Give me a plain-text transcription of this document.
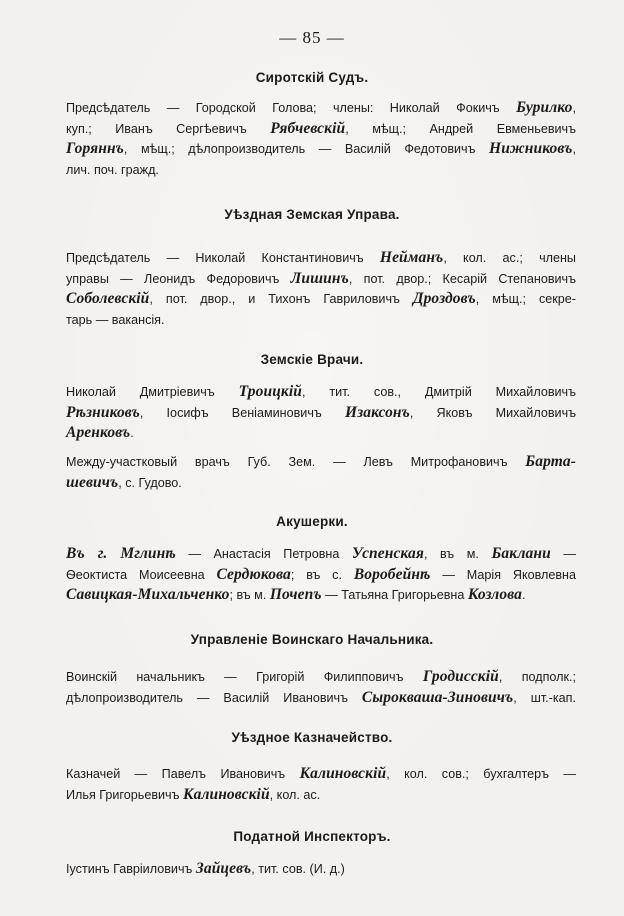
— 85 —
Сиротскій Судъ.
Предсѣдатель — Городской Голова; члены: Николай Фокичъ Бурилко,
куп.; Иванъ Сергѣевичъ Рябчевскій, мѣщ.; Андрей Евменьевичъ
Горяннъ, мѣщ.; дѣлопроизводитель — Василій Федотовичъ Нижниковъ,
лич. поч. гражд.
Уѣздная Земская Управа.
Предсѣдатель — Николай Константиновичъ Нейманъ, кол. ас.; члены
управы — Леонидъ Федоровичъ Лишинъ, пот. двор.; Кесарій Степановичъ
Соболевскій, пот. двор., и Тихонъ Гавриловичъ Дроздовъ, мѣщ.; секре-
тарь — вакансія.
Земскіе Врачи.
Николай Дмитріевичъ Троицкій, тит. сов., Дмитрій Михайловичъ
Рѣзниковъ, Іосифъ Веніаминовичъ Изаксонъ, Яковъ Михайловичъ
Аренковъ.
Между-участковый врачъ Губ. Зем. — Левъ Митрофановичъ Барта-
шевичъ, с. Гудово.
Акушерки.
Въ г. Мглинѣ — Анастасія Петровна Успенская, въ м. Баклани —
Ѳеоктиста Моисеевна Сердюкова; въ с. Воробейнѣ — Марія Яковлевна
Савицкая-Михальченко; въ м. Почепъ — Татьяна Григорьевна Козлова.
Управленіе Воинскаго Начальника.
Воинскій начальникъ — Григорій Филипповичъ Гродисскій, подполк.;
дѣлопроизводитель — Василій Ивановичъ Сырокваша-Зиновичъ, шт.-кап.
Уѣздное Казначейство.
Казначей — Павелъ Ивановичъ Калиновскій, кол. сов.; бухгалтеръ —
Илья Григорьевичъ Калиновскій, кол. ас.
Податной Инспекторъ.
Іустинъ Гавріиловичъ Зайцевъ, тит. сов. (И. д.)
